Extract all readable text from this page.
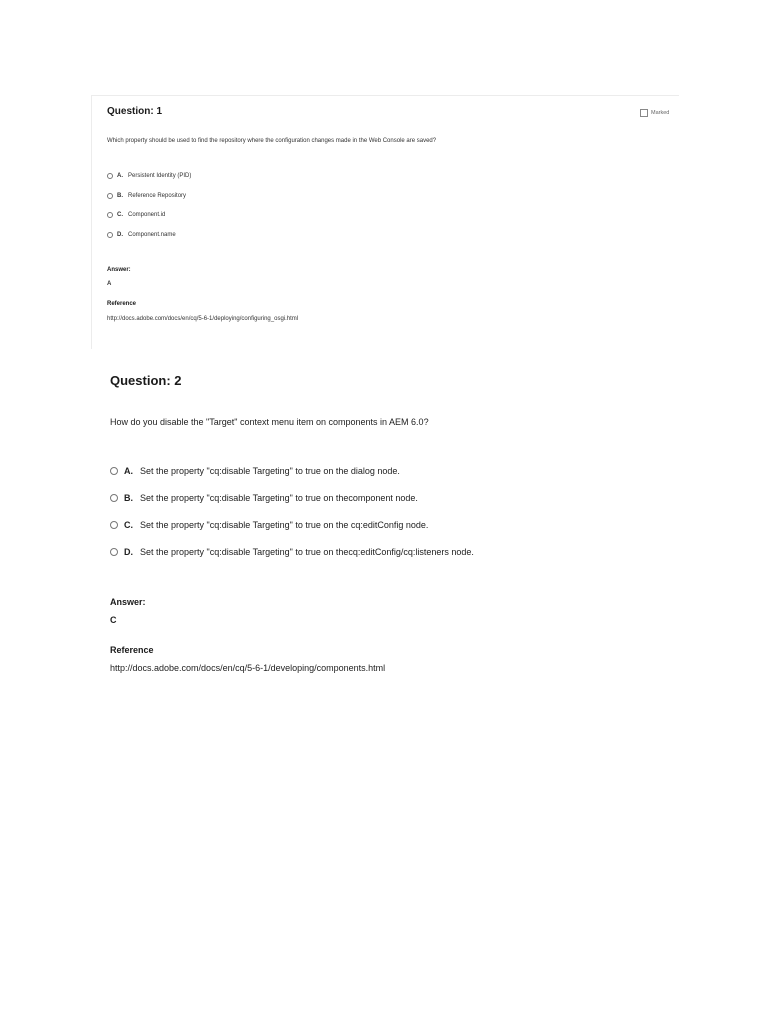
Question: 1	Marked
Which property should be used to find the repository where the configuration changes made in the Web Console are saved?
A. Persistent Identity (PID)
B. Reference Repository
C. Component.id
D. Component.name
Answer:
A
Reference
http://docs.adobe.com/docs/en/cq/5-6-1/deploying/configuring_osgi.html
Question: 2
How do you disable the "Target" context menu item on components in AEM 6.0?
A. Set the property "cq:disable Targeting" to true on the dialog node.
B. Set the property "cq:disable Targeting" to true on thecomponent node.
C. Set the property "cq:disable Targeting" to true on the cq:editConfig node.
D. Set the property "cq:disable Targeting" to true on thecq:editConfig/cq:listeners node.
Answer:
C
Reference
http://docs.adobe.com/docs/en/cq/5-6-1/developing/components.html
